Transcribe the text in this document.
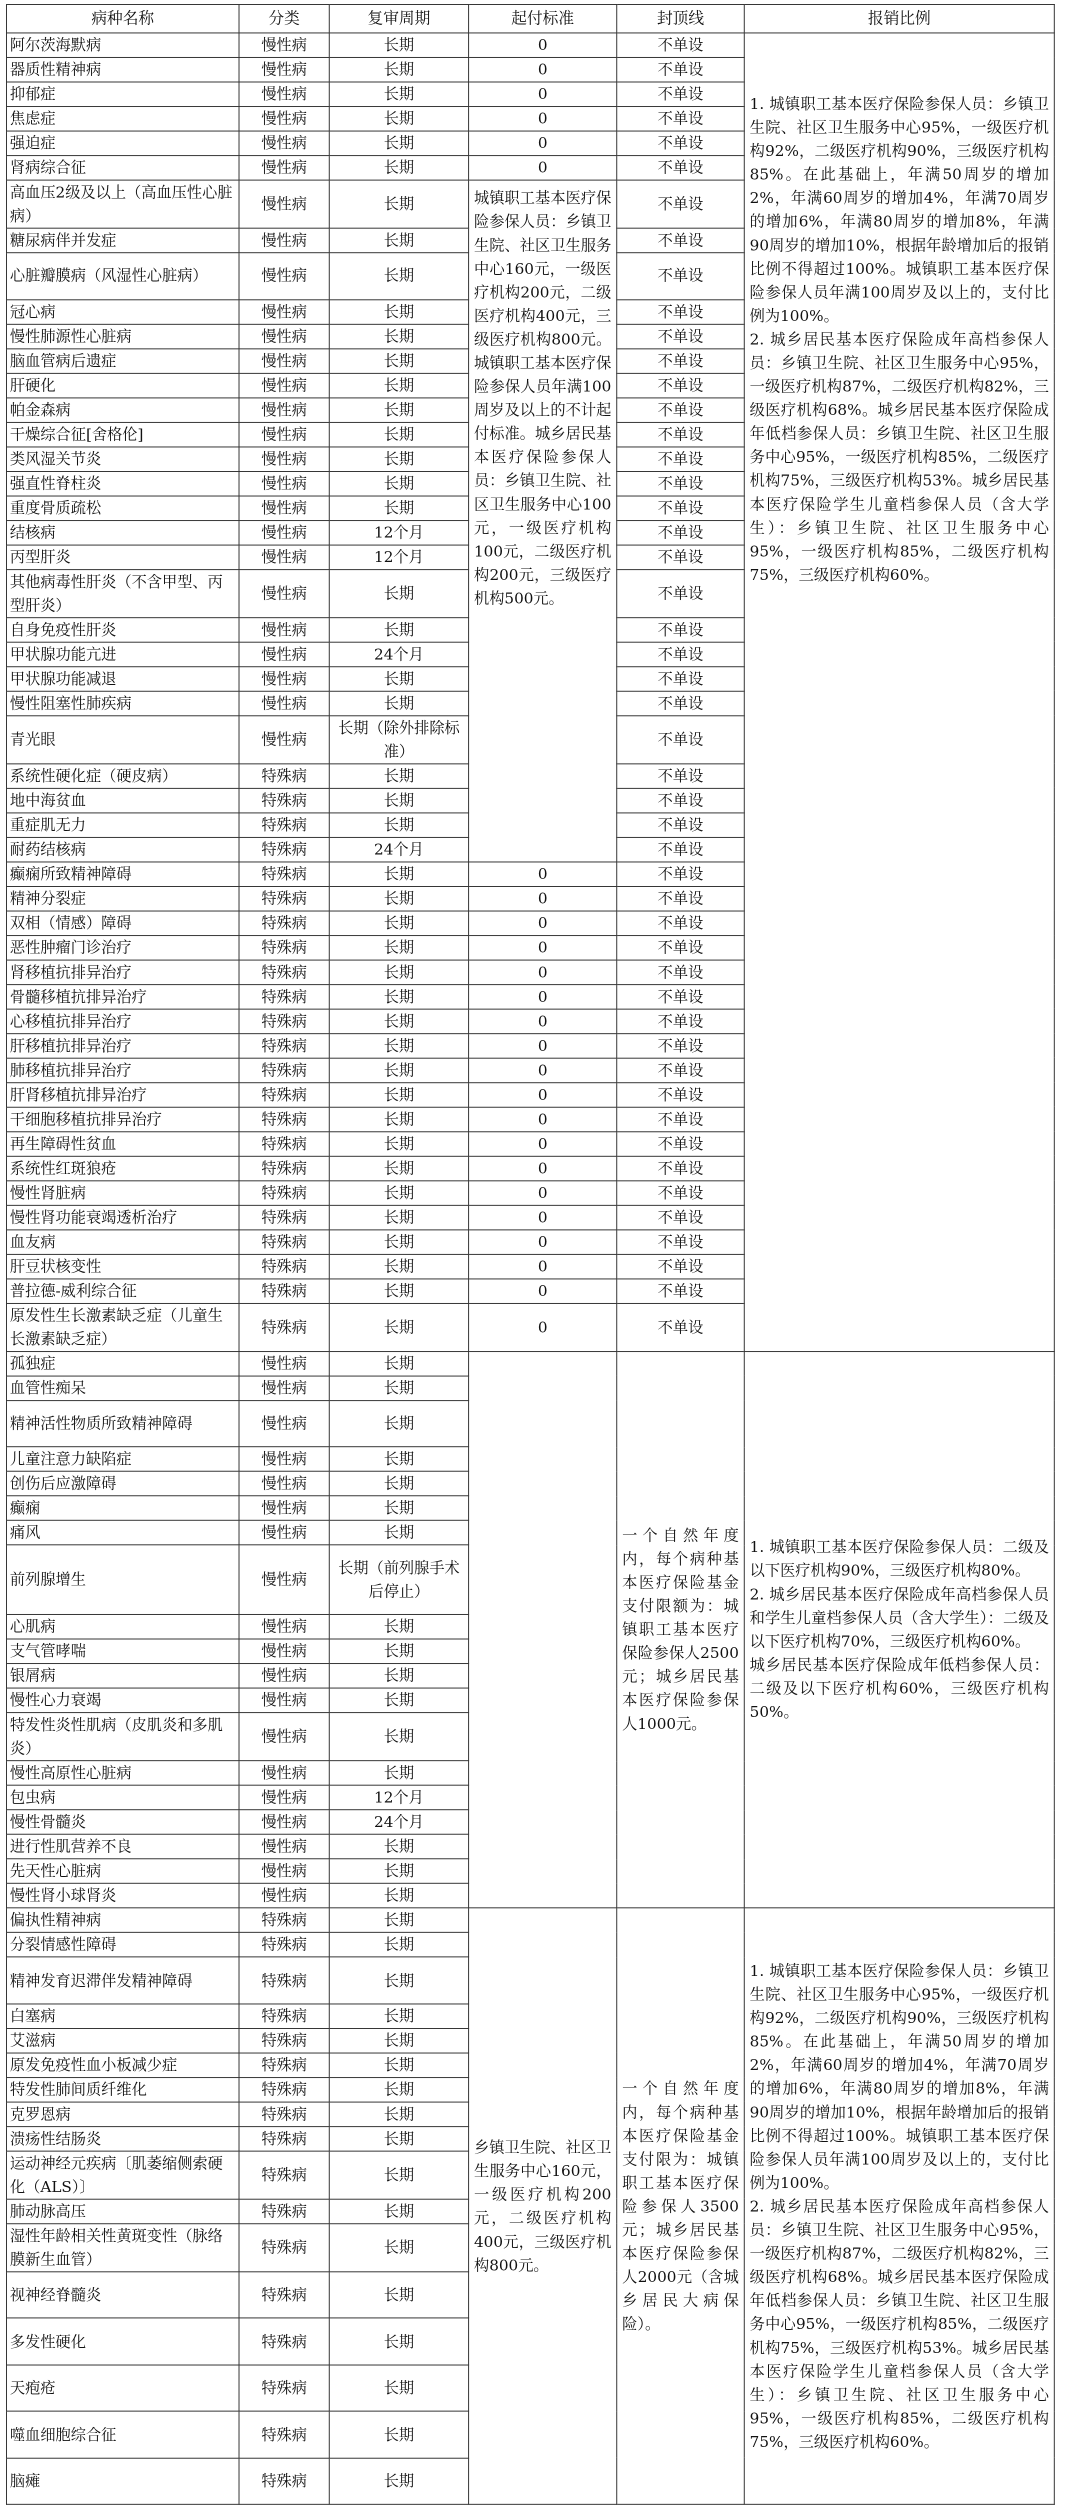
病种名称	分类	复审周期	起付标准	封顶线	报销比例
阿尔茨海默病	慢性病	长期	0	不单设	1. 城镇职工基本医疗保险参保人员：乡镇卫生院、社区卫生服务中心95%，一级医疗机构92%，二级医疗机构90%，三级医疗机构85%。在此基础上，年满50周岁的增加2%，年满60周岁的增加4%，年满70周岁的增加6%，年满80周岁的增加8%，年满90周岁的增加10%，根据年龄增加后的报销比例不得超过100%。城镇职工基本医疗保险参保人员年满100周岁及以上的，支付比例为100%。
2. 城乡居民基本医疗保险成年高档参保人员：乡镇卫生院、社区卫生服务中心95%，一级医疗机构87%，二级医疗机构82%，三级医疗机构68%。城乡居民基本医疗保险成年低档参保人员：乡镇卫生院、社区卫生服务中心95%，一级医疗机构85%，二级医疗机构75%，三级医疗机构53%。城乡居民基本医疗保险学生儿童档参保人员（含大学生）：乡镇卫生院、社区卫生服务中心95%，一级医疗机构85%，二级医疗机构75%，三级医疗机构60%。

器质性精神病	慢性病	长期	0	不单设	
抑郁症	慢性病	长期	0	不单设	
焦虑症	慢性病	长期	0	不单设	
强迫症	慢性病	长期	0	不单设	
肾病综合征	慢性病	长期	0	不单设	
高血压2级及以上（高血压性心脏病）	慢性病	长期	城镇职工基本医疗保险参保人员：乡镇卫生院、社区卫生服务中心160元，一级医疗机构200元，二级医疗机构400元，三级医疗机构800元。城镇职工基本医疗保险参保人员年满100周岁及以上的不计起付标准。城乡居民基本医疗保险参保人员：乡镇卫生院、社区卫生服务中心100元，一级医疗机构100元，二级医疗机构200元，三级医疗机构500元。	不单设	
糖尿病伴并发症	慢性病	长期		不单设	
心脏瓣膜病（风湿性心脏病）	慢性病	长期		不单设	
冠心病	慢性病	长期		不单设	
慢性肺源性心脏病	慢性病	长期		不单设	
脑血管病后遗症	慢性病	长期		不单设	
肝硬化	慢性病	长期		不单设	
帕金森病	慢性病	长期		不单设	
干燥综合征[舍格伦]	慢性病	长期		不单设	
类风湿关节炎	慢性病	长期		不单设	
强直性脊柱炎	慢性病	长期		不单设	
重度骨质疏松	慢性病	长期		不单设	
结核病	慢性病	12个月		不单设	
丙型肝炎	慢性病	12个月		不单设	
其他病毒性肝炎（不含甲型、丙型肝炎）	慢性病	长期		不单设	
自身免疫性肝炎	慢性病	长期		不单设	
甲状腺功能亢进	慢性病	24个月		不单设	
甲状腺功能减退	慢性病	长期		不单设	
慢性阻塞性肺疾病	慢性病	长期		不单设	
青光眼	慢性病	长期（除外排除标准）		不单设	
系统性硬化症（硬皮病）	特殊病	长期		不单设	
地中海贫血	特殊病	长期		不单设	
重症肌无力	特殊病	长期		不单设	
耐药结核病	特殊病	24个月		不单设	
癫痫所致精神障碍	特殊病	长期	0	不单设	
精神分裂症	特殊病	长期	0	不单设	
双相（情感）障碍	特殊病	长期	0	不单设	
恶性肿瘤门诊治疗	特殊病	长期	0	不单设	
肾移植抗排异治疗	特殊病	长期	0	不单设	
骨髓移植抗排异治疗	特殊病	长期	0	不单设	
心移植抗排异治疗	特殊病	长期	0	不单设	
肝移植抗排异治疗	特殊病	长期	0	不单设	
肺移植抗排异治疗	特殊病	长期	0	不单设	
肝肾移植抗排异治疗	特殊病	长期	0	不单设	
干细胞移植抗排异治疗	特殊病	长期	0	不单设	
再生障碍性贫血	特殊病	长期	0	不单设	
系统性红斑狼疮	特殊病	长期	0	不单设	
慢性肾脏病	特殊病	长期	0	不单设	
慢性肾功能衰竭透析治疗	特殊病	长期	0	不单设	
血友病	特殊病	长期	0	不单设	
肝豆状核变性	特殊病	长期	0	不单设	
普拉德-威利综合征	特殊病	长期	0	不单设	
原发性生长激素缺乏症（儿童生长激素缺乏症）	特殊病	长期	0	不单设	
孤独症	慢性病	长期		一个自然年度内，每个病种基本医疗保险基金支付限额为：城镇职工基本医疗保险参保人2500元；城乡居民基本医疗保险参保人1000元。	1. 城镇职工基本医疗保险参保人员：二级及以下医疗机构90%，三级医疗机构80%。
2. 城乡居民基本医疗保险成年高档参保人员和学生儿童档参保人员（含大学生）：二级及以下医疗机构70%，三级医疗机构60%。
城乡居民基本医疗保险成年低档参保人员：二级及以下医疗机构60%，三级医疗机构50%。

血管性痴呆	慢性病	长期			
精神活性物质所致精神障碍	慢性病	长期			
儿童注意力缺陷症	慢性病	长期			
创伤后应激障碍	慢性病	长期			
癫痫	慢性病	长期			
痛风	慢性病	长期			
前列腺增生	慢性病	长期（前列腺手术后停止）			
心肌病	慢性病	长期			
支气管哮喘	慢性病	长期			
银屑病	慢性病	长期			
慢性心力衰竭	慢性病	长期			
特发性炎性肌病（皮肌炎和多肌炎）	慢性病	长期			
慢性高原性心脏病	慢性病	长期			
包虫病	慢性病	12个月			
慢性骨髓炎	慢性病	24个月			
进行性肌营养不良	慢性病	长期			
先天性心脏病	慢性病	长期			
慢性肾小球肾炎	慢性病	长期			
偏执性精神病	特殊病	长期	乡镇卫生院、社区卫生服务中心160元，一级医疗机构200元，二级医疗机构400元，三级医疗机构800元。	一个自然年度内，每个病种基本医疗保险基金支付限为：城镇职工基本医疗保险参保人3500元；城乡居民基本医疗保险参保人2000元（含城乡居民大病保险）。	1. 城镇职工基本医疗保险参保人员：乡镇卫生院、社区卫生服务中心95%，一级医疗机构92%，二级医疗机构90%，三级医疗机构85%。在此基础上，年满50周岁的增加2%，年满60周岁的增加4%，年满70周岁的增加6%，年满80周岁的增加8%，年满90周岁的增加10%，根据年龄增加后的报销比例不得超过100%。城镇职工基本医疗保险参保人员年满100周岁及以上的，支付比例为100%。
2. 城乡居民基本医疗保险成年高档参保人员：乡镇卫生院、社区卫生服务中心95%，一级医疗机构87%，二级医疗机构82%，三级医疗机构68%。城乡居民基本医疗保险成年低档参保人员：乡镇卫生院、社区卫生服务中心95%，一级医疗机构85%，二级医疗机构75%，三级医疗机构53%。城乡居民基本医疗保险学生儿童档参保人员（含大学生）：乡镇卫生院、社区卫生服务中心95%，一级医疗机构85%，二级医疗机构75%，三级医疗机构60%。

分裂情感性障碍	特殊病	长期			
精神发育迟滞伴发精神障碍	特殊病	长期			
白塞病	特殊病	长期			
艾滋病	特殊病	长期			
原发免疫性血小板减少症	特殊病	长期			
特发性肺间质纤维化	特殊病	长期			
克罗恩病	特殊病	长期			
溃疡性结肠炎	特殊病	长期			
运动神经元疾病〔肌萎缩侧索硬化（ALS）〕	特殊病	长期			
肺动脉高压	特殊病	长期			
湿性年龄相关性黄斑变性（脉络膜新生血管）	特殊病	长期			
视神经脊髓炎	特殊病	长期			
多发性硬化	特殊病	长期			
天疱疮	特殊病	长期			
噬血细胞综合征	特殊病	长期			
脑瘫	特殊病	长期			
